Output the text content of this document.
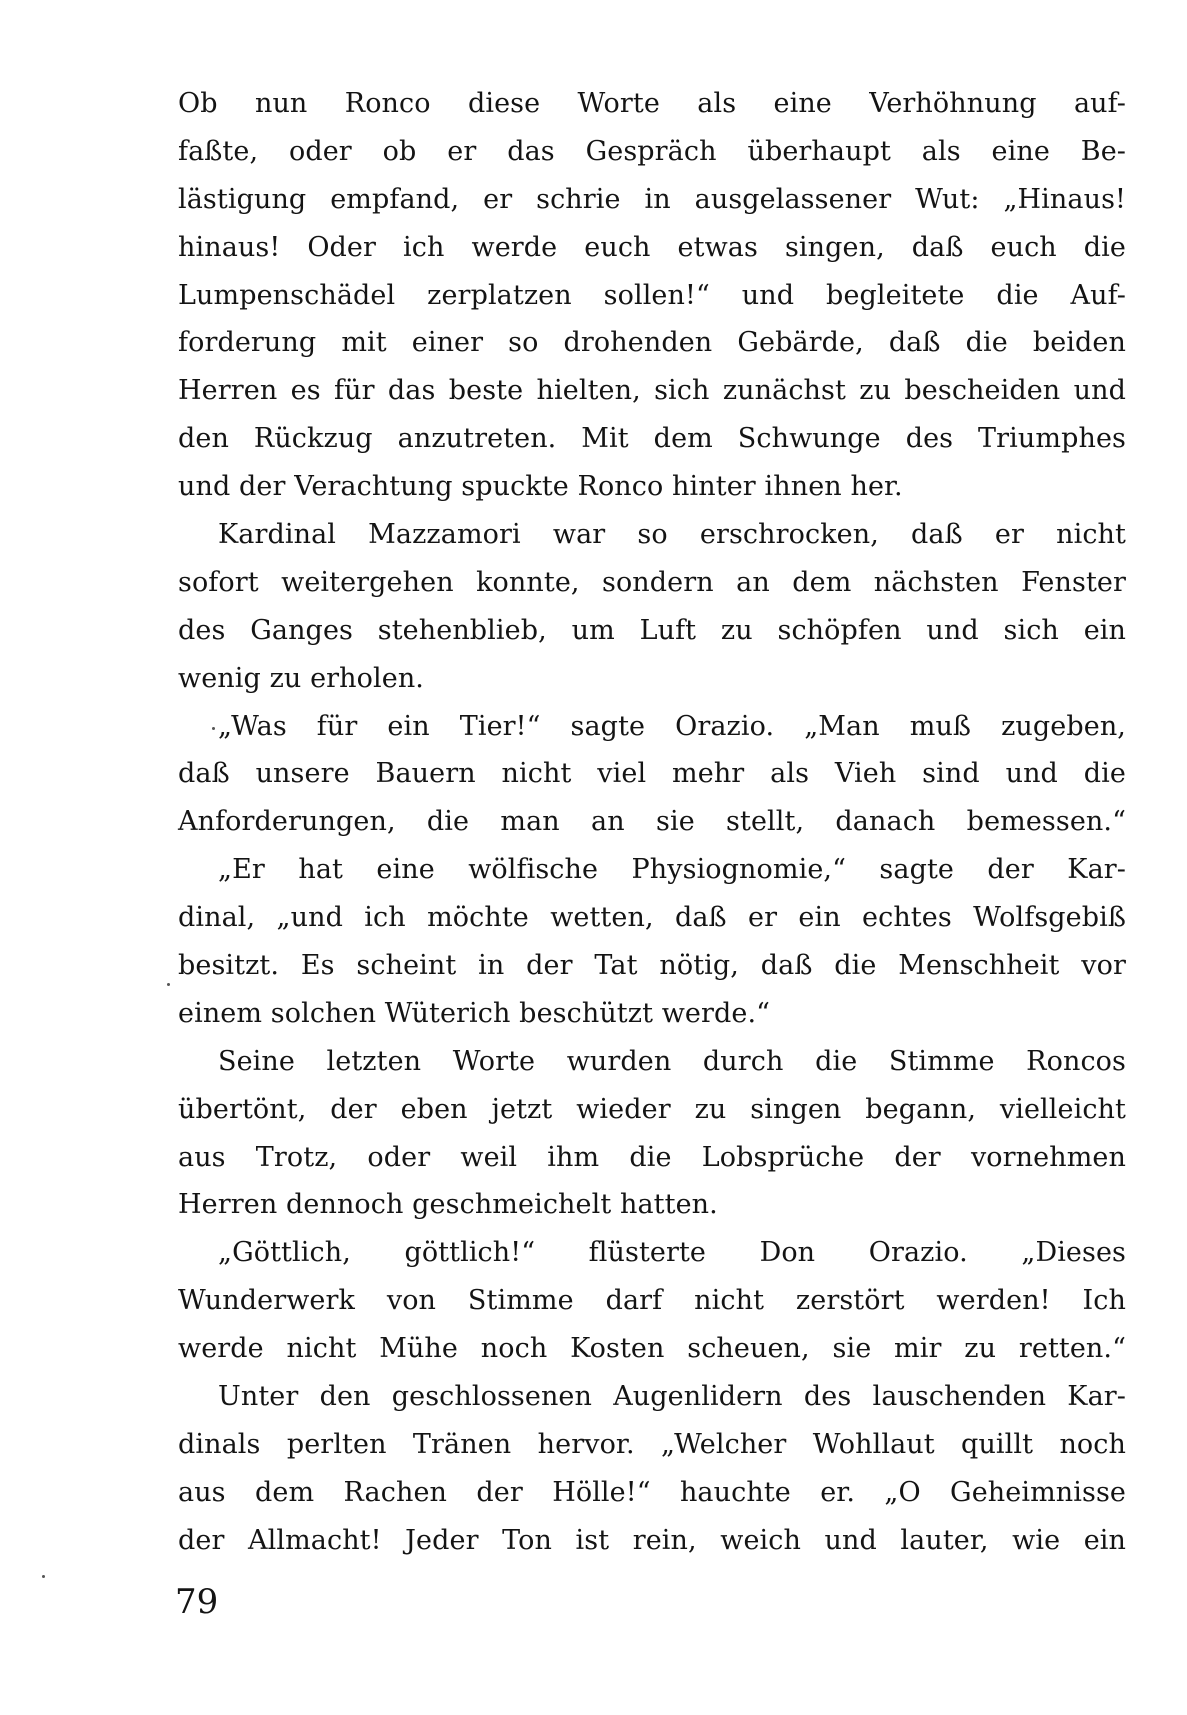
Ob nun Ronco diese Worte als eine Verhöhnung auf-
faßte, oder ob er das Gespräch überhaupt als eine Be-
lästigung empfand, er schrie in ausgelassener Wut: „Hinaus!
hinaus! Oder ich werde euch etwas singen, daß euch die
Lumpenschädel zerplatzen sollen!“ und begleitete die Auf-
forderung mit einer so drohenden Gebärde, daß die beiden
Herren es für das beste hielten, sich zunächst zu bescheiden und
den Rückzug anzutreten. Mit dem Schwunge des Triumphes
und der Verachtung spuckte Ronco hinter ihnen her.
Kardinal Mazzamori war so erschrocken, daß er nicht
sofort weitergehen konnte, sondern an dem nächsten Fenster
des Ganges stehenblieb, um Luft zu schöpfen und sich ein
wenig zu erholen.
„Was für ein Tier!“ sagte Orazio. „Man muß zugeben,
daß unsere Bauern nicht viel mehr als Vieh sind und die
Anforderungen, die man an sie stellt, danach bemessen.“
„Er hat eine wölfische Physiognomie,“ sagte der Kar-
dinal, „und ich möchte wetten, daß er ein echtes Wolfsgebiß
besitzt. Es scheint in der Tat nötig, daß die Menschheit vor
einem solchen Wüterich beschützt werde.“
Seine letzten Worte wurden durch die Stimme Roncos
übertönt, der eben jetzt wieder zu singen begann, vielleicht
aus Trotz, oder weil ihm die Lobsprüche der vornehmen
Herren dennoch geschmeichelt hatten.
„Göttlich, göttlich!“ flüsterte Don Orazio. „Dieses
Wunderwerk von Stimme darf nicht zerstört werden! Ich
werde nicht Mühe noch Kosten scheuen, sie mir zu retten.“
Unter den geschlossenen Augenlidern des lauschenden Kar-
dinals perlten Tränen hervor. „Welcher Wohllaut quillt noch
aus dem Rachen der Hölle!“ hauchte er. „O Geheimnisse
der Allmacht! Jeder Ton ist rein, weich und lauter, wie ein
79
